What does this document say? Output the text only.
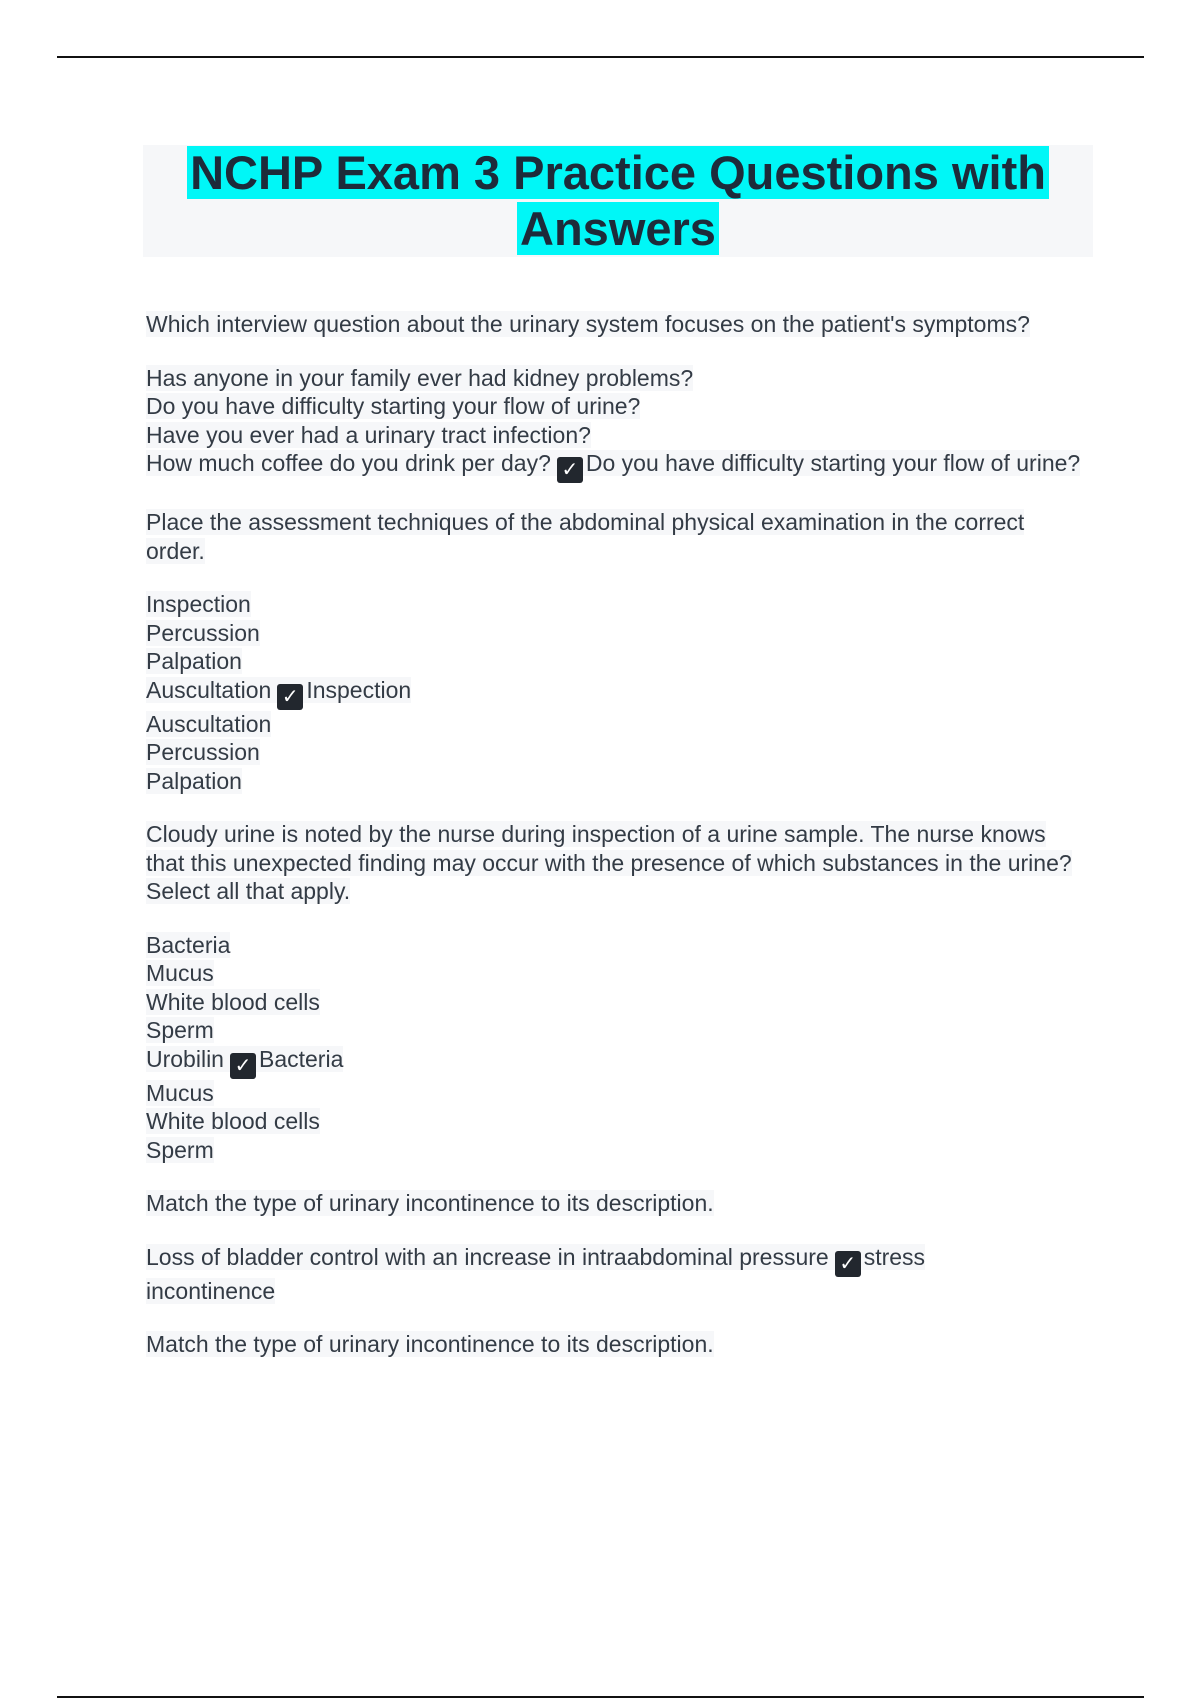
NCHP Exam 3 Practice Questions with Answers
Which interview question about the urinary system focuses on the patient's symptoms?
Has anyone in your family ever had kidney problems?
Do you have difficulty starting your flow of urine?
Have you ever had a urinary tract infection?
How much coffee do you drink per day? ✓ Do you have difficulty starting your flow of urine?
Place the assessment techniques of the abdominal physical examination in the correct order.
Inspection
Percussion
Palpation
Auscultation ✓ Inspection
Auscultation
Percussion
Palpation
Cloudy urine is noted by the nurse during inspection of a urine sample. The nurse knows that this unexpected finding may occur with the presence of which substances in the urine?
Select all that apply.
Bacteria
Mucus
White blood cells
Sperm
Urobilin ✓ Bacteria
Mucus
White blood cells
Sperm
Match the type of urinary incontinence to its description.
Loss of bladder control with an increase in intraabdominal pressure ✓ stress incontinence
Match the type of urinary incontinence to its description.
